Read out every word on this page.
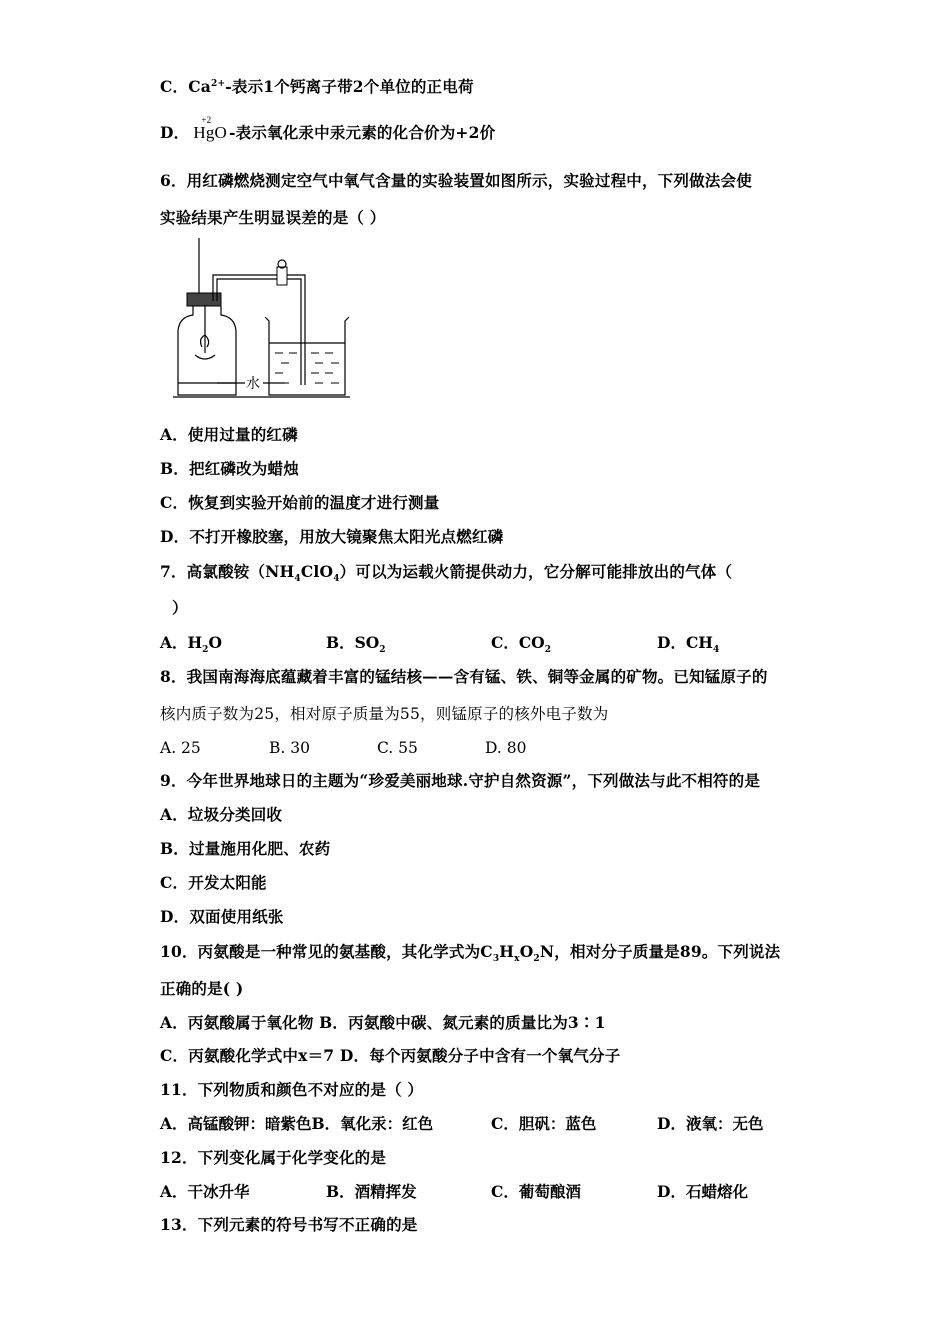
C．$Ca^{2+}-$表示1个钙离子带2个单位的正电荷
D．
+2
HgO -表示氧化汞中汞元素的化合价为+2价
6．用红磷燃烧测定空气中氧气含量的实验装置如图所示，实验过程中，下列做法会使
实验结果产生明显误差的是（ ）
水
A．使用过量的红磷
B．把红磷改为蜡烛
C．恢复到实验开始前的温度才进行测量
D．不打开橡胶塞，用放大镜聚焦太阳光点燃红磷
7．高氯酸铵$(NH_4ClO_4)$可以为运载火箭提供动力，它分解可能排放出的气体（
）
A．$H_2O$	B．$SO_2$	C．$CO_2$	D．$CH_4$
8．我国南海海底蕴藏着丰富的锰结核——含有锰、铁、铜等金属的矿物。已知锰原子的
核内质子数为25，相对原子质量为55，则锰原子的核外电子数为
A. 25	B. 30	C. 55	D. 80
9．今年世界地球日的主题为“珍爱美丽地球.守护自然资源”，下列做法与此不相符的是
A．垃圾分类回收
B．过量施用化肥、农药
C．开发太阳能
D．双面使用纸张
10．丙氨酸是一种常见的氨基酸，其化学式为$C_3H_xO_2N$，相对分子质量是89。下列说法
正确的是( )
A．丙氨酸属于氧化物 B．丙氨酸中碳、氮元素的质量比为3∶1
C．丙氨酸化学式中x＝7 D．每个丙氨酸分子中含有一个氧气分子
11．下列物质和颜色不对应的是（ ）
A．高锰酸钾：暗紫色B．氧化汞：红色	C．胆矾：蓝色	D．液氧：无色
12．下列变化属于化学变化的是
A．干冰升华	B．酒精挥发	C．葡萄酿酒	D．石蜡熔化
13．下列元素的符号书写不正确的是
